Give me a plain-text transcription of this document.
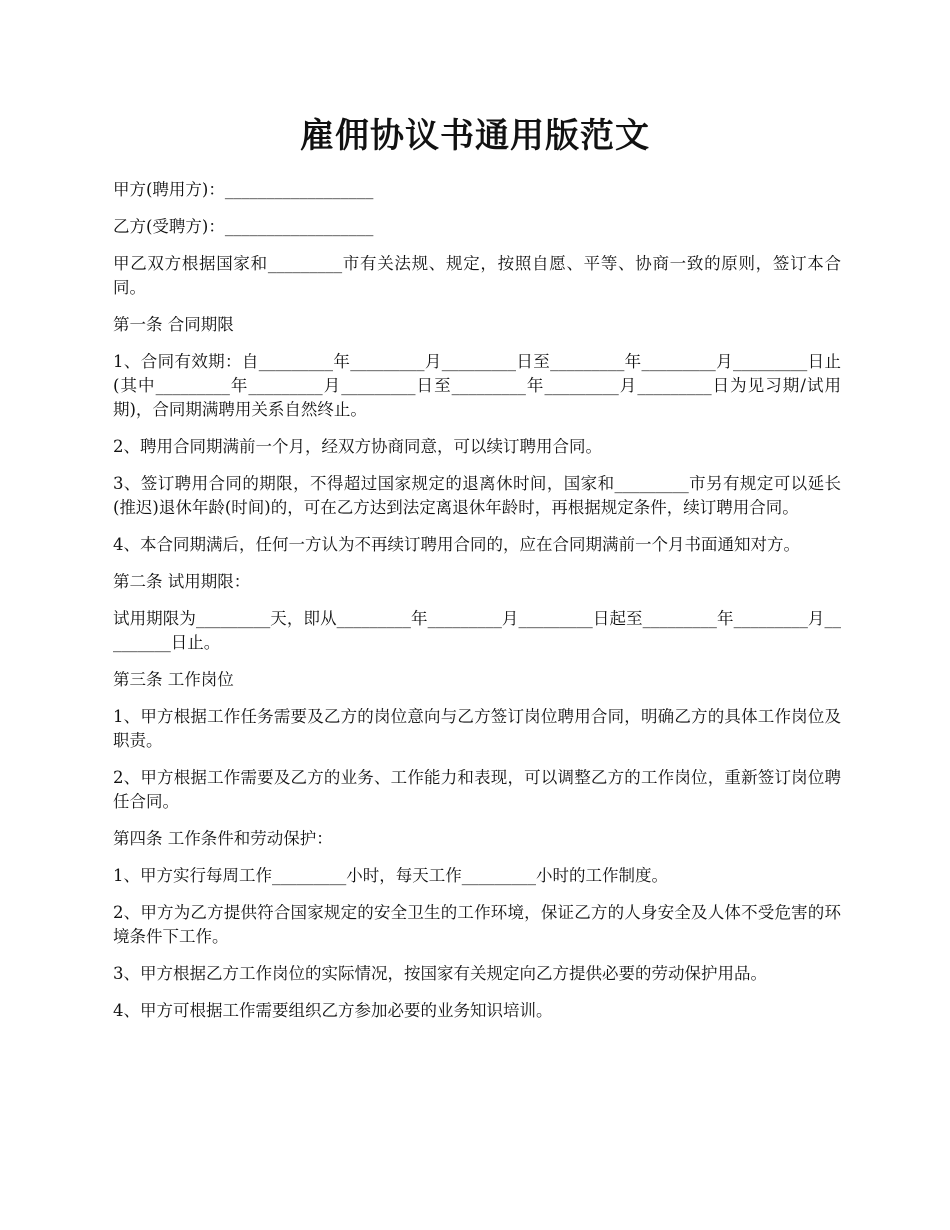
雇佣协议书通用版范文

甲方(聘用方)：__________________

乙方(受聘方)：__________________

甲乙双方根据国家和_________市有关法规、规定，按照自愿、平等、协商一致的原则，签订本合同。

第一条 合同期限

1、合同有效期：自_________年_________月_________日至_________年_________月_________日止(其中_________年_________月_________日至_________年_________月_________日为见习期/试用期)，合同期满聘用关系自然终止。

2、聘用合同期满前一个月，经双方协商同意，可以续订聘用合同。

3、签订聘用合同的期限，不得超过国家规定的退离休时间，国家和_________市另有规定可以延长(推迟)退休年龄(时间)的，可在乙方达到法定离退休年龄时，再根据规定条件，续订聘用合同。

4、本合同期满后，任何一方认为不再续订聘用合同的，应在合同期满前一个月书面通知对方。

第二条 试用期限：

试用期限为_________天，即从_________年_________月_________日起至_________年_________月_________日止。

第三条 工作岗位

1、甲方根据工作任务需要及乙方的岗位意向与乙方签订岗位聘用合同，明确乙方的具体工作岗位及职责。

2、甲方根据工作需要及乙方的业务、工作能力和表现，可以调整乙方的工作岗位，重新签订岗位聘任合同。

第四条 工作条件和劳动保护：

1、甲方实行每周工作_________小时，每天工作_________小时的工作制度。

2、甲方为乙方提供符合国家规定的安全卫生的工作环境，保证乙方的人身安全及人体不受危害的环境条件下工作。

3、甲方根据乙方工作岗位的实际情况，按国家有关规定向乙方提供必要的劳动保护用品。

4、甲方可根据工作需要组织乙方参加必要的业务知识培训。
